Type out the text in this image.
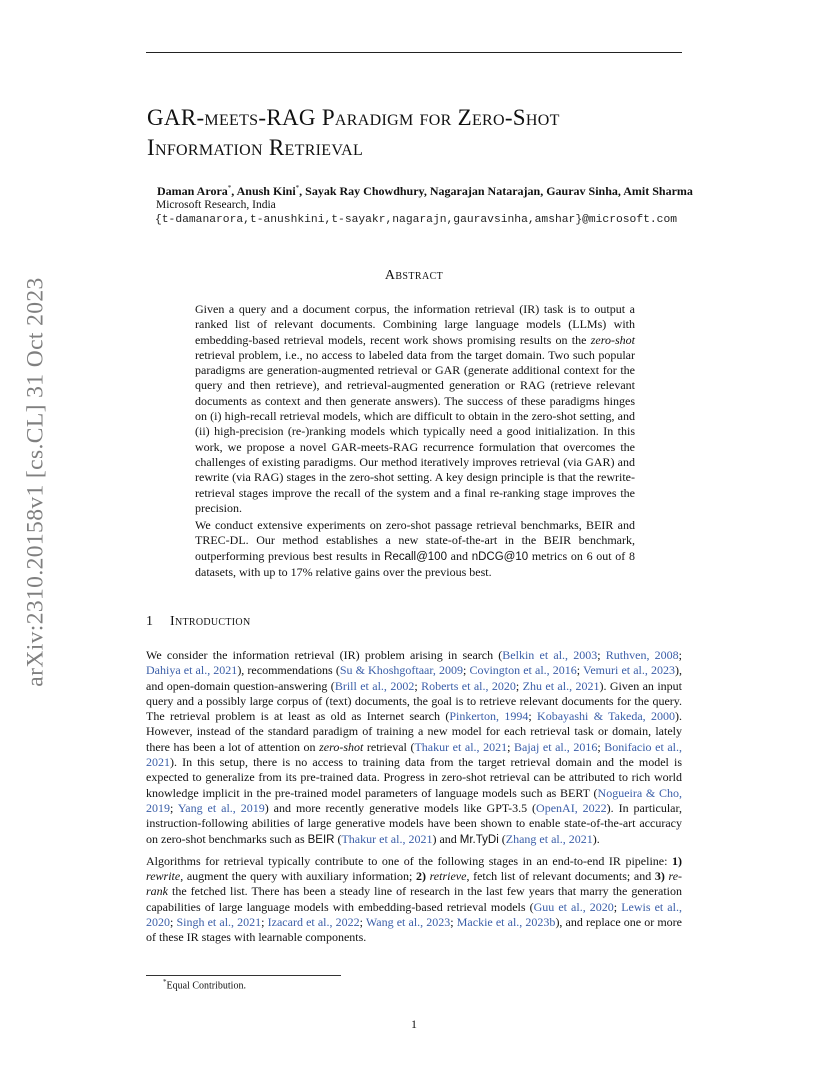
arXiv:2310.20158v1 [cs.CL] 31 Oct 2023
GAR-meets-RAG Paradigm for Zero-Shot
Information Retrieval
Daman Arora*, Anush Kini*, Sayak Ray Chowdhury, Nagarajan Natarajan, Gaurav Sinha, Amit Sharma
Microsoft Research, India
{t-damanarora,t-anushkini,t-sayakr,nagarajn,gauravsinha,amshar}@microsoft.com
Abstract

Given a query and a document corpus, the information retrieval (IR) task is to output a ranked list of relevant documents. Combining large language models (LLMs) with embedding-based retrieval models, recent work shows promising results on the zero-shot retrieval problem, i.e., no access to labeled data from the target domain. Two such popular paradigms are generation-augmented retrieval or GAR (generate additional context for the query and then retrieve), and retrieval-augmented generation or RAG (retrieve relevant documents as context and then generate answers). The success of these paradigms hinges on (i) high-recall retrieval models, which are difficult to obtain in the zero-shot setting, and (ii) high-precision (re-)ranking models which typically need a good initialization. In this work, we propose a novel GAR-meets-RAG recurrence formulation that overcomes the challenges of existing paradigms. Our method iteratively improves retrieval (via GAR) and rewrite (via RAG) stages in the zero-shot setting. A key design principle is that the rewrite-retrieval stages improve the recall of the system and a final re-ranking stage improves the precision.

We conduct extensive experiments on zero-shot passage retrieval benchmarks, BEIR and TREC-DL. Our method establishes a new state-of-the-art in the BEIR benchmark, outperforming previous best results in Recall@100 and nDCG@10 metrics on 6 out of 8 datasets, with up to 17% relative gains over the previous best.

1 Introduction

We consider the information retrieval (IR) problem arising in search (Belkin et al., 2003; Ruthven, 2008; Dahiya et al., 2021), recommendations (Su & Khoshgoftaar, 2009; Covington et al., 2016; Vemuri et al., 2023), and open-domain question-answering (Brill et al., 2002; Roberts et al., 2020; Zhu et al., 2021). Given an input query and a possibly large corpus of (text) documents, the goal is to retrieve relevant documents for the query. The retrieval problem is at least as old as Internet search (Pinkerton, 1994; Kobayashi & Takeda, 2000). However, instead of the standard paradigm of training a new model for each retrieval task or domain, lately there has been a lot of attention on zero-shot retrieval (Thakur et al., 2021; Bajaj et al., 2016; Bonifacio et al., 2021). In this setup, there is no access to training data from the target retrieval domain and the model is expected to generalize from its pre-trained data. Progress in zero-shot retrieval can be attributed to rich world knowledge implicit in the pre-trained model parameters of language models such as BERT (Nogueira & Cho, 2019; Yang et al., 2019) and more recently generative models like GPT-3.5 (OpenAI, 2022). In particular, instruction-following abilities of large generative models have been shown to enable state-of-the-art accuracy on zero-shot benchmarks such as BEIR (Thakur et al., 2021) and Mr.TyDi (Zhang et al., 2021).

Algorithms for retrieval typically contribute to one of the following stages in an end-to-end IR pipeline: 1) rewrite, augment the query with auxiliary information; 2) retrieve, fetch list of relevant documents; and 3) re-rank the fetched list. There has been a steady line of research in the last few years that marry the generation capabilities of large language models with embedding-based retrieval models (Guu et al., 2020; Lewis et al., 2020; Singh et al., 2021; Izacard et al., 2022; Wang et al., 2023; Mackie et al., 2023b), and replace one or more of these IR stages with learnable components.

*Equal Contribution.
1
